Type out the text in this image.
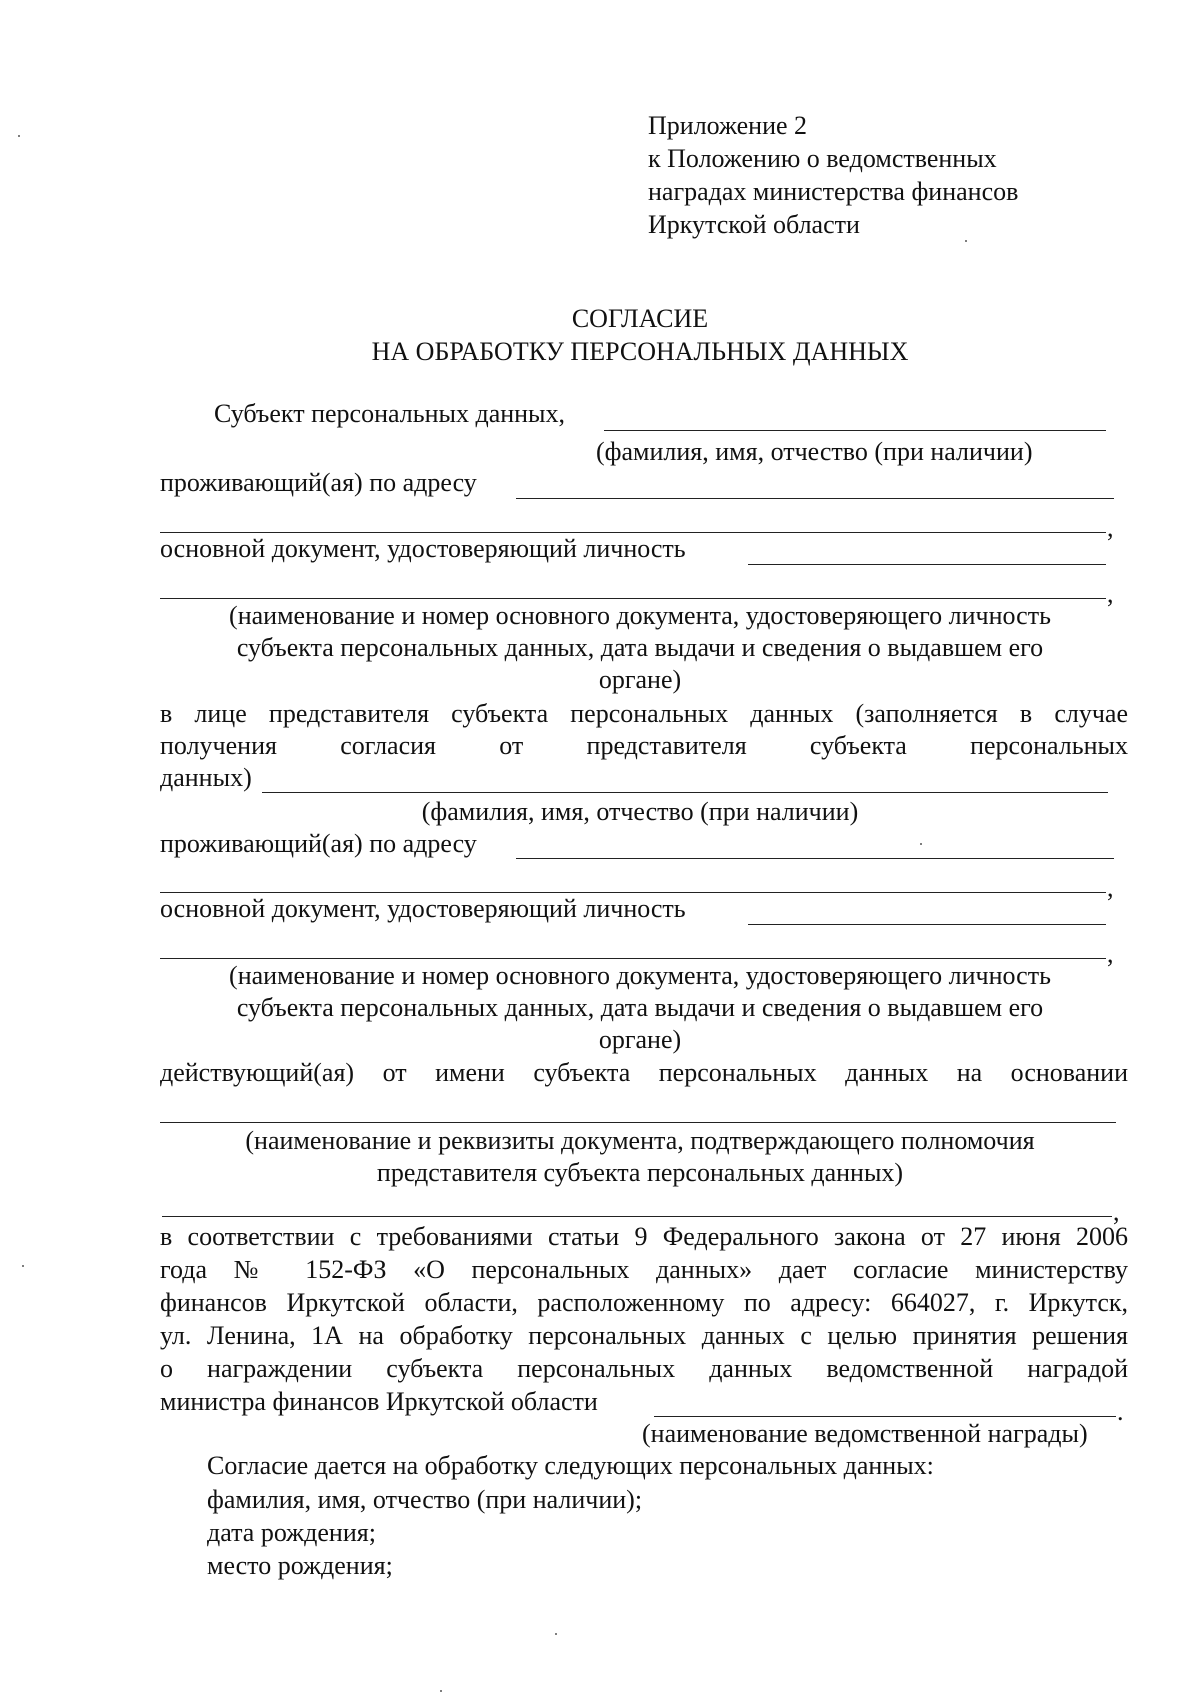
Приложение 2
к Положению о ведомственных
наградах министерства финансов
Иркутской области
СОГЛАСИЕ
НА ОБРАБОТКУ ПЕРСОНАЛЬНЫХ ДАННЫХ
Субъект персональных данных,
(фамилия, имя, отчество (при наличии)
проживающий(ая) по адресу
,
основной документ, удостоверяющий личность
,
(наименование и номер основного документа, удостоверяющего личность
субъекта персональных данных, дата выдачи и сведения о выдавшем его
органе)
в лице представителя субъекта персональных данных (заполняется в случае
получения согласия от представителя субъекта персональных
данных)
(фамилия, имя, отчество (при наличии)
проживающий(ая) по адресу
,
основной документ, удостоверяющий личность
,
(наименование и номер основного документа, удостоверяющего личность
субъекта персональных данных, дата выдачи и сведения о выдавшем его
органе)
действующий(ая) от имени субъекта персональных данных на основании
(наименование и реквизиты документа, подтверждающего полномочия
представителя субъекта персональных данных)
,
в соответствии с требованиями статьи 9 Федерального закона от 27 июня 2006
года № 152-ФЗ «О персональных данных» дает согласие министерству
финансов Иркутской области, расположенному по адресу: 664027, г. Иркутск,
ул. Ленина, 1А на обработку персональных данных с целью принятия решения
о награждении субъекта персональных данных ведомственной наградой
министра финансов Иркутской области	.
(наименование ведомственной награды)
Согласие дается на обработку следующих персональных данных:
фамилия, имя, отчество (при наличии);
дата рождения;
место рождения;
